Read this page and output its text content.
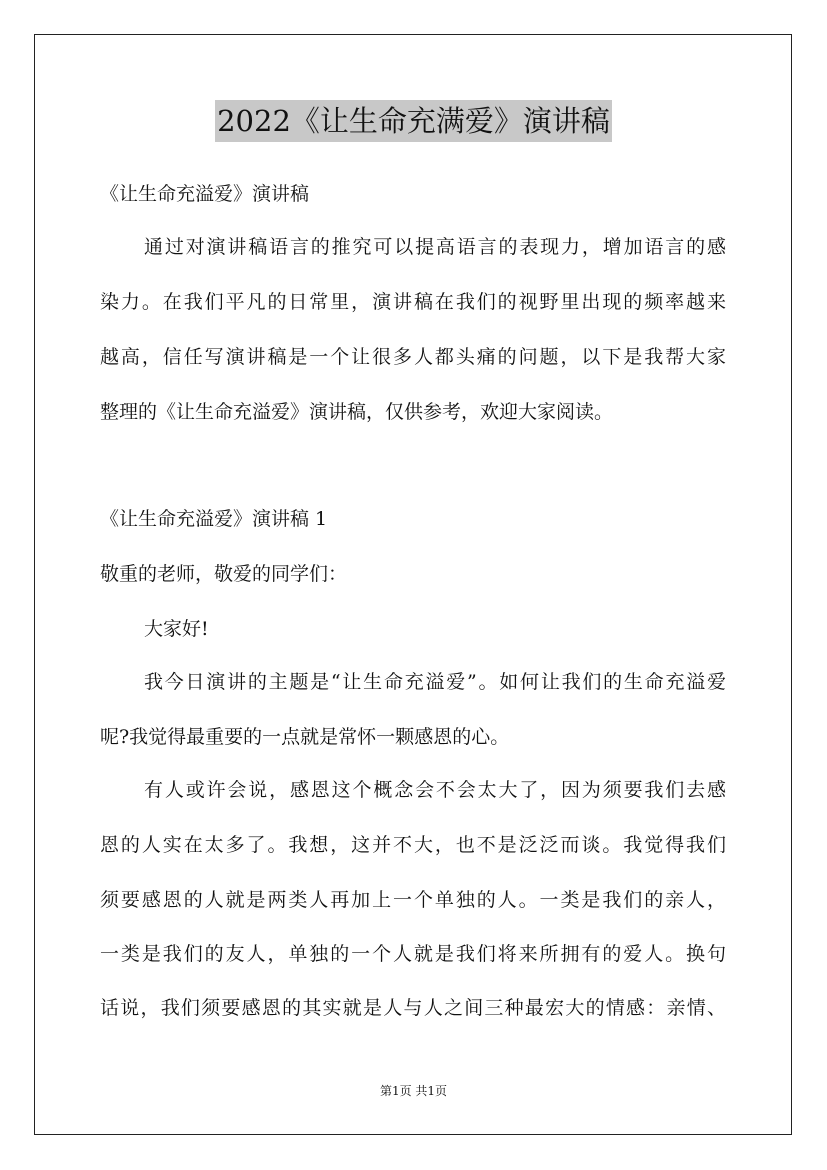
2022《让生命充满爱》演讲稿
《让生命充溢爱》演讲稿
通过对演讲稿语言的推究可以提高语言的表现力，增加语言的感
染力。在我们平凡的日常里，演讲稿在我们的视野里出现的频率越来
越高，信任写演讲稿是一个让很多人都头痛的问题，以下是我帮大家
整理的《让生命充溢爱》演讲稿，仅供参考，欢迎大家阅读。
《让生命充溢爱》演讲稿 1
敬重的老师，敬爱的同学们：
大家好!
我今日演讲的主题是“让生命充溢爱”。如何让我们的生命充溢爱
呢?我觉得最重要的一点就是常怀一颗感恩的心。
有人或许会说，感恩这个概念会不会太大了，因为须要我们去感
恩的人实在太多了。我想，这并不大，也不是泛泛而谈。我觉得我们
须要感恩的人就是两类人再加上一个单独的人。一类是我们的亲人，
一类是我们的友人，单独的一个人就是我们将来所拥有的爱人。换句
话说，我们须要感恩的其实就是人与人之间三种最宏大的情感：亲情、
第1页 共1页
